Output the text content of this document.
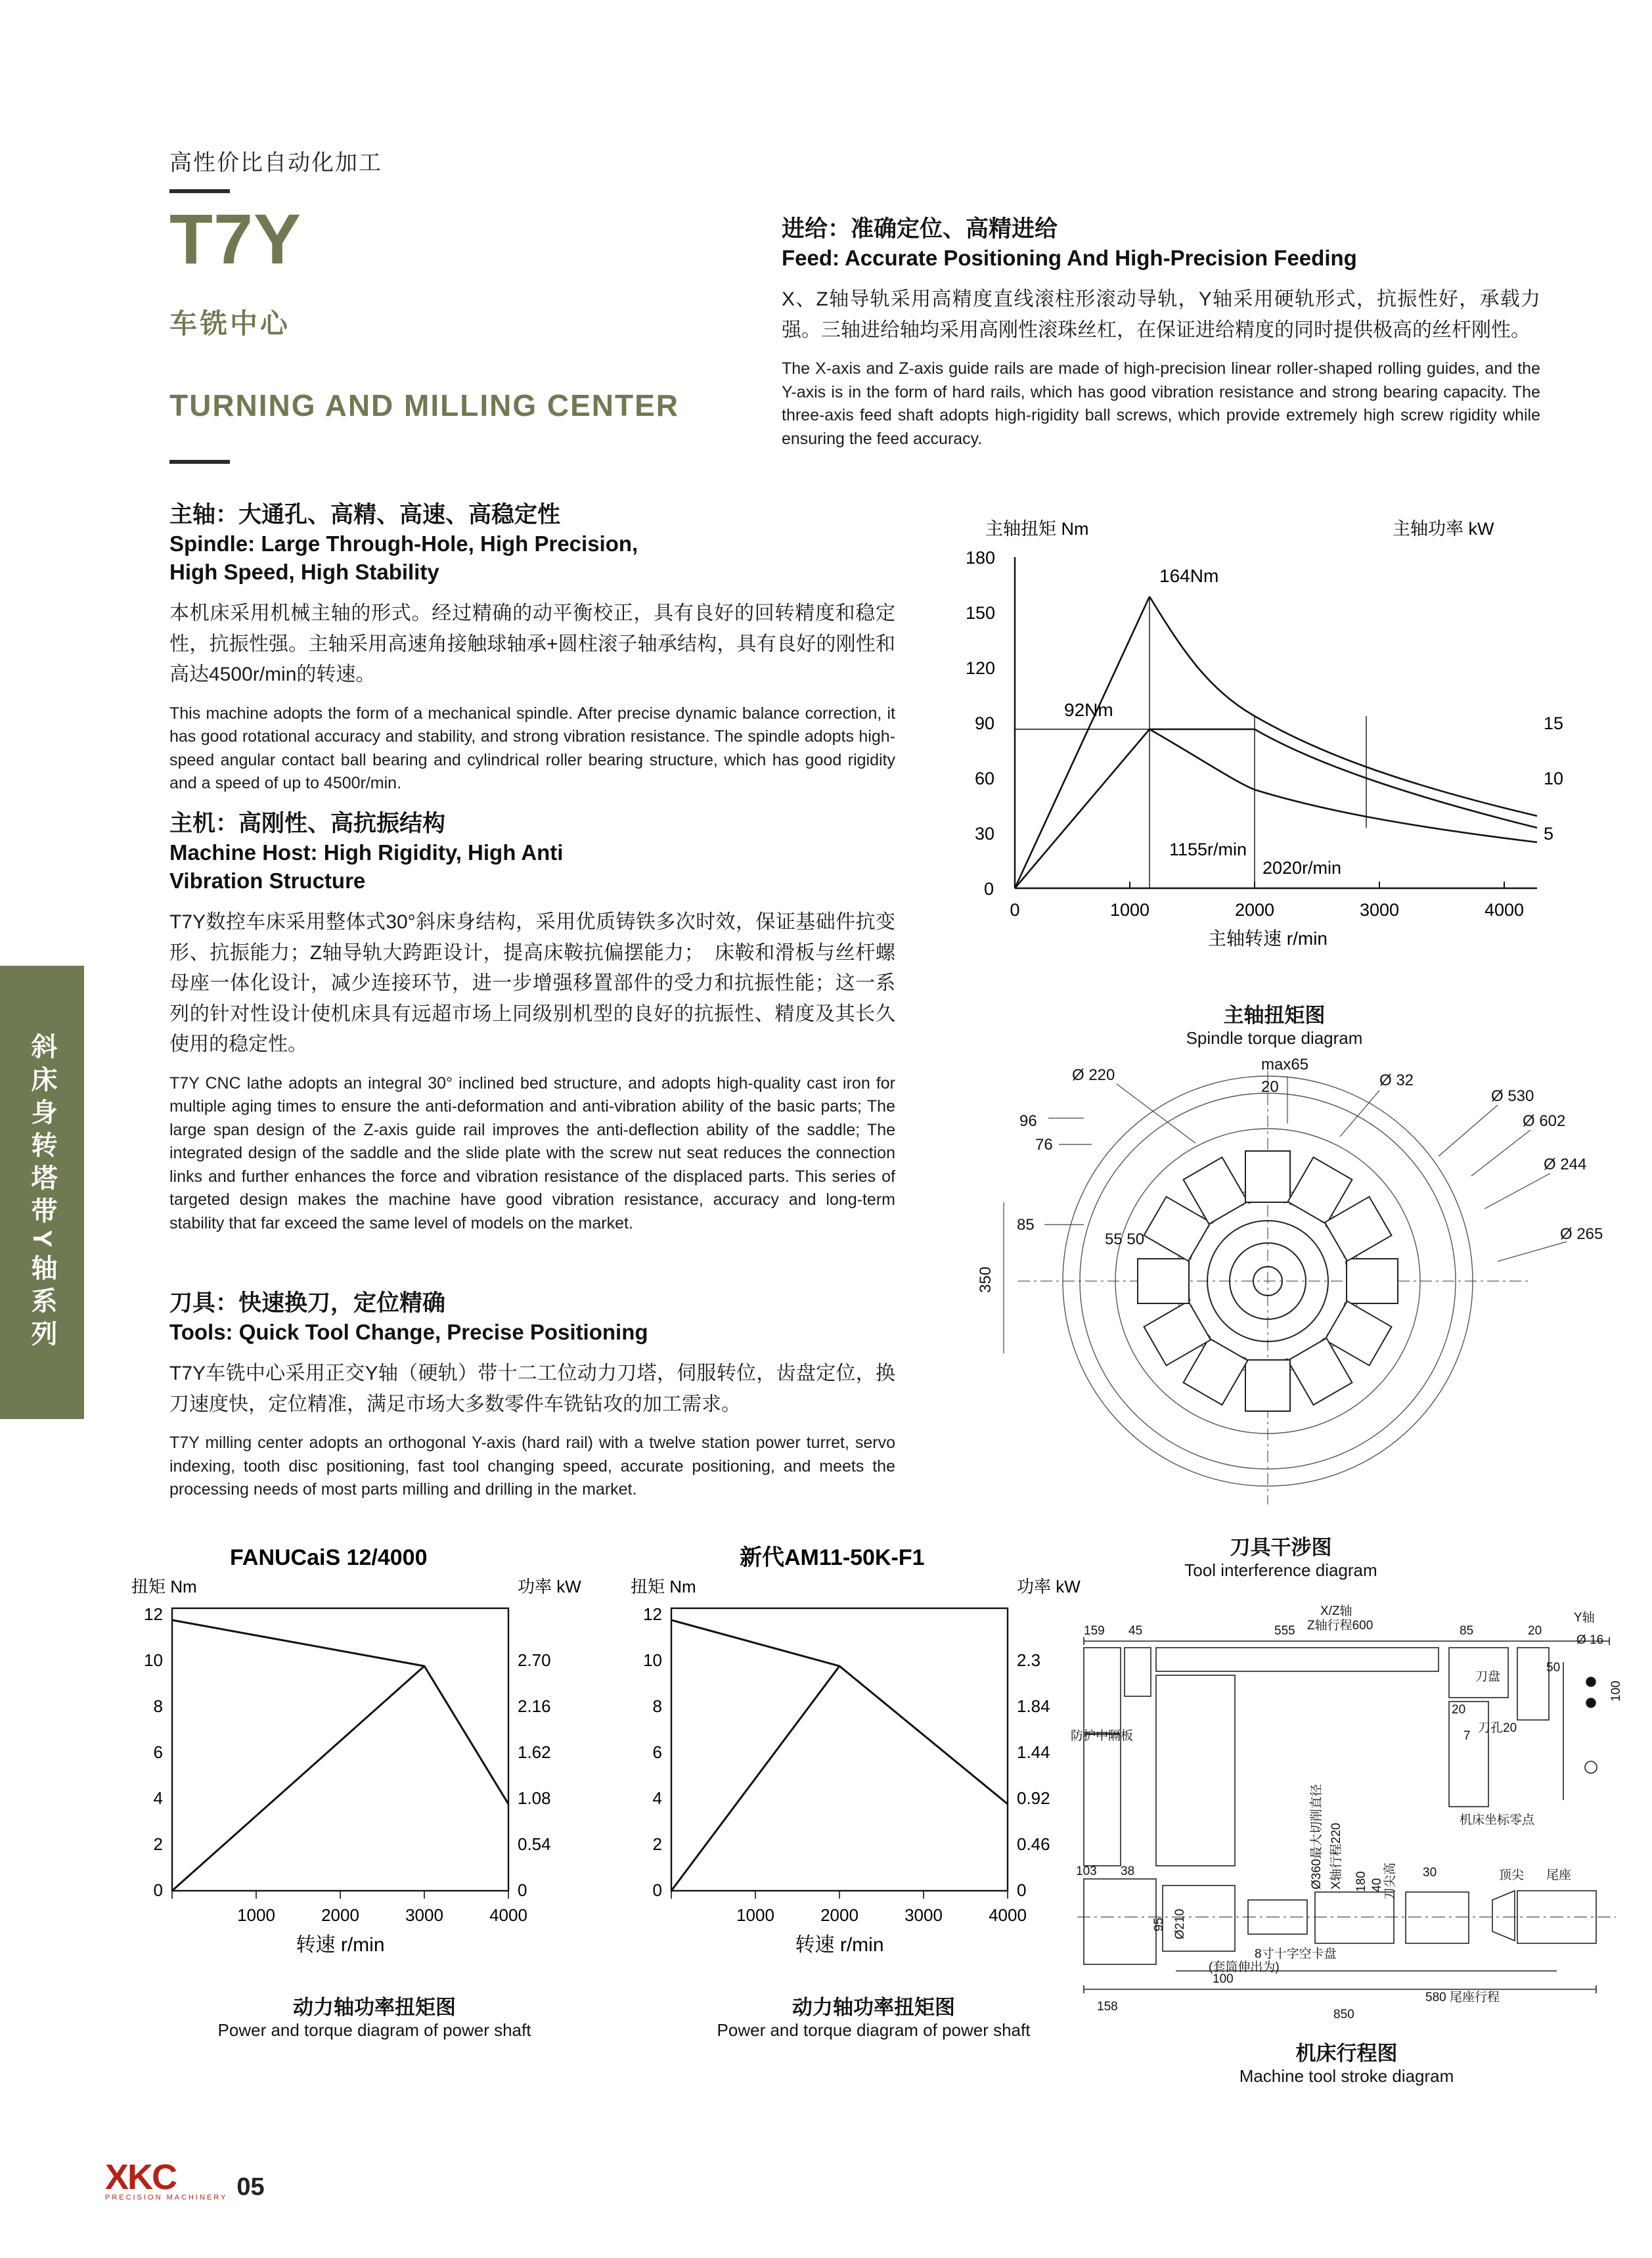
斜床身转塔带Y轴系列
高性价比自动化加工
T7Y
车铣中心
TURNING AND MILLING CENTER
主轴：大通孔、高精、高速、高稳定性
Spindle: Large Through-Hole, High Precision,
High Speed, High Stability
本机床采用机械主轴的形式。经过精确的动平衡校正，具有良好的回转精度和稳定性，抗振性强。主轴采用高速角接触球轴承+圆柱滚子轴承结构，具有良好的刚性和高达4500r/min的转速。
This machine adopts the form of a mechanical spindle. After precise dynamic balance correction, it has good rotational accuracy and stability, and strong vibration resistance. The spindle adopts high-speed angular contact ball bearing and cylindrical roller bearing structure, which has good rigidity and a speed of up to 4500r/min.
主机：高刚性、高抗振结构
Machine Host: High Rigidity, High Anti
Vibration Structure
T7Y数控车床采用整体式30°斜床身结构，采用优质铸铁多次时效，保证基础件抗变形、抗振能力；Z轴导轨大跨距设计，提高床鞍抗偏摆能力；　床鞍和滑板与丝杆螺母座一体化设计，减少连接环节，进一步增强移置部件的受力和抗振性能；这一系列的针对性设计使机床具有远超市场上同级别机型的良好的抗振性、精度及其长久使用的稳定性。
T7Y CNC lathe adopts an integral 30° inclined bed structure, and adopts high-quality cast iron for multiple aging times to ensure the anti-deformation and anti-vibration ability of the basic parts; The large span design of the Z-axis guide rail improves the anti-deflection ability of the saddle; The integrated design of the saddle and the slide plate with the screw nut seat reduces the connection links and further enhances the force and vibration resistance of the displaced parts. This series of targeted design makes the machine have good vibration resistance, accuracy and long-term stability that far exceed the same level of models on the market.
刀具：快速换刀，定位精确
Tools: Quick Tool Change, Precise Positioning
T7Y车铣中心采用正交Y轴（硬轨）带十二工位动力刀塔，伺服转位，齿盘定位，换刀速度快，定位精准，满足市场大多数零件车铣钻攻的加工需求。
T7Y milling center adopts an orthogonal Y-axis (hard rail) with a twelve station power turret, servo indexing, tooth disc positioning, fast tool changing speed, accurate positioning, and meets the processing needs of most parts milling and drilling in the market.
进给：准确定位、高精进给
Feed: Accurate Positioning And High-Precision Feeding
X、Z轴导轨采用高精度直线滚柱形滚动导轨，Y轴采用硬轨形式，抗振性好，承载力强。三轴进给轴均采用高刚性滚珠丝杠，在保证进给精度的同时提供极高的丝杆刚性。
The X-axis and Z-axis guide rails are made of high-precision linear roller-shaped rolling guides, and the Y-axis is in the form of hard rails, which has good vibration resistance and strong bearing capacity. The three-axis feed shaft adopts high-rigidity ball screws, which provide extremely high screw rigidity while ensuring the feed accuracy.
主轴扭矩 Nm	主轴功率 kW
180
150
120
90
60
30
0
15
10
5
0	1000	2000	3000	4000
主轴转速 r/min
164Nm
92Nm
1155r/min
2020r/min
主轴扭矩图
Spindle torque diagram
Ø 220
max65
20	Ø 32
Ø 530
Ø 602
Ø 244
Ø 265
96
76
85
55 50
350
刀具干涉图
Tool interference diagram
FANUCaiS 12/4000
扭矩 Nm	功率 kW
12
10
8
6
4
2
0
2.70
2.16
1.62
1.08
0.54
0
1000	2000	3000	4000
转速 r/min
动力轴功率扭矩图
Power and torque diagram of power shaft
新代AM11-50K-F1
扭矩 Nm	功率 kW
12
10
8
6
4
2
0
2.3
1.84
1.44
0.92
0.46
0
1000	2000	3000	4000
转速 r/min
动力轴功率扭矩图
Power and torque diagram of power shaft
X/Z轴
Z轴行程600
Y轴
159 45	555	85	20
Ø 16
50
100
刀盘
20
7
刀孔20
防护中隔板
103 38	30
机床坐标零点
顶尖 尾座
95 Ø210
8寸十字空卡盘
(套筒伸出为)
100
Ø360最大切削直径 X轴行程220 180 40 刀尖高
580 尾座行程
850
158
机床行程图
Machine tool stroke diagram
XKC
PRECISION MACHINERY 05
